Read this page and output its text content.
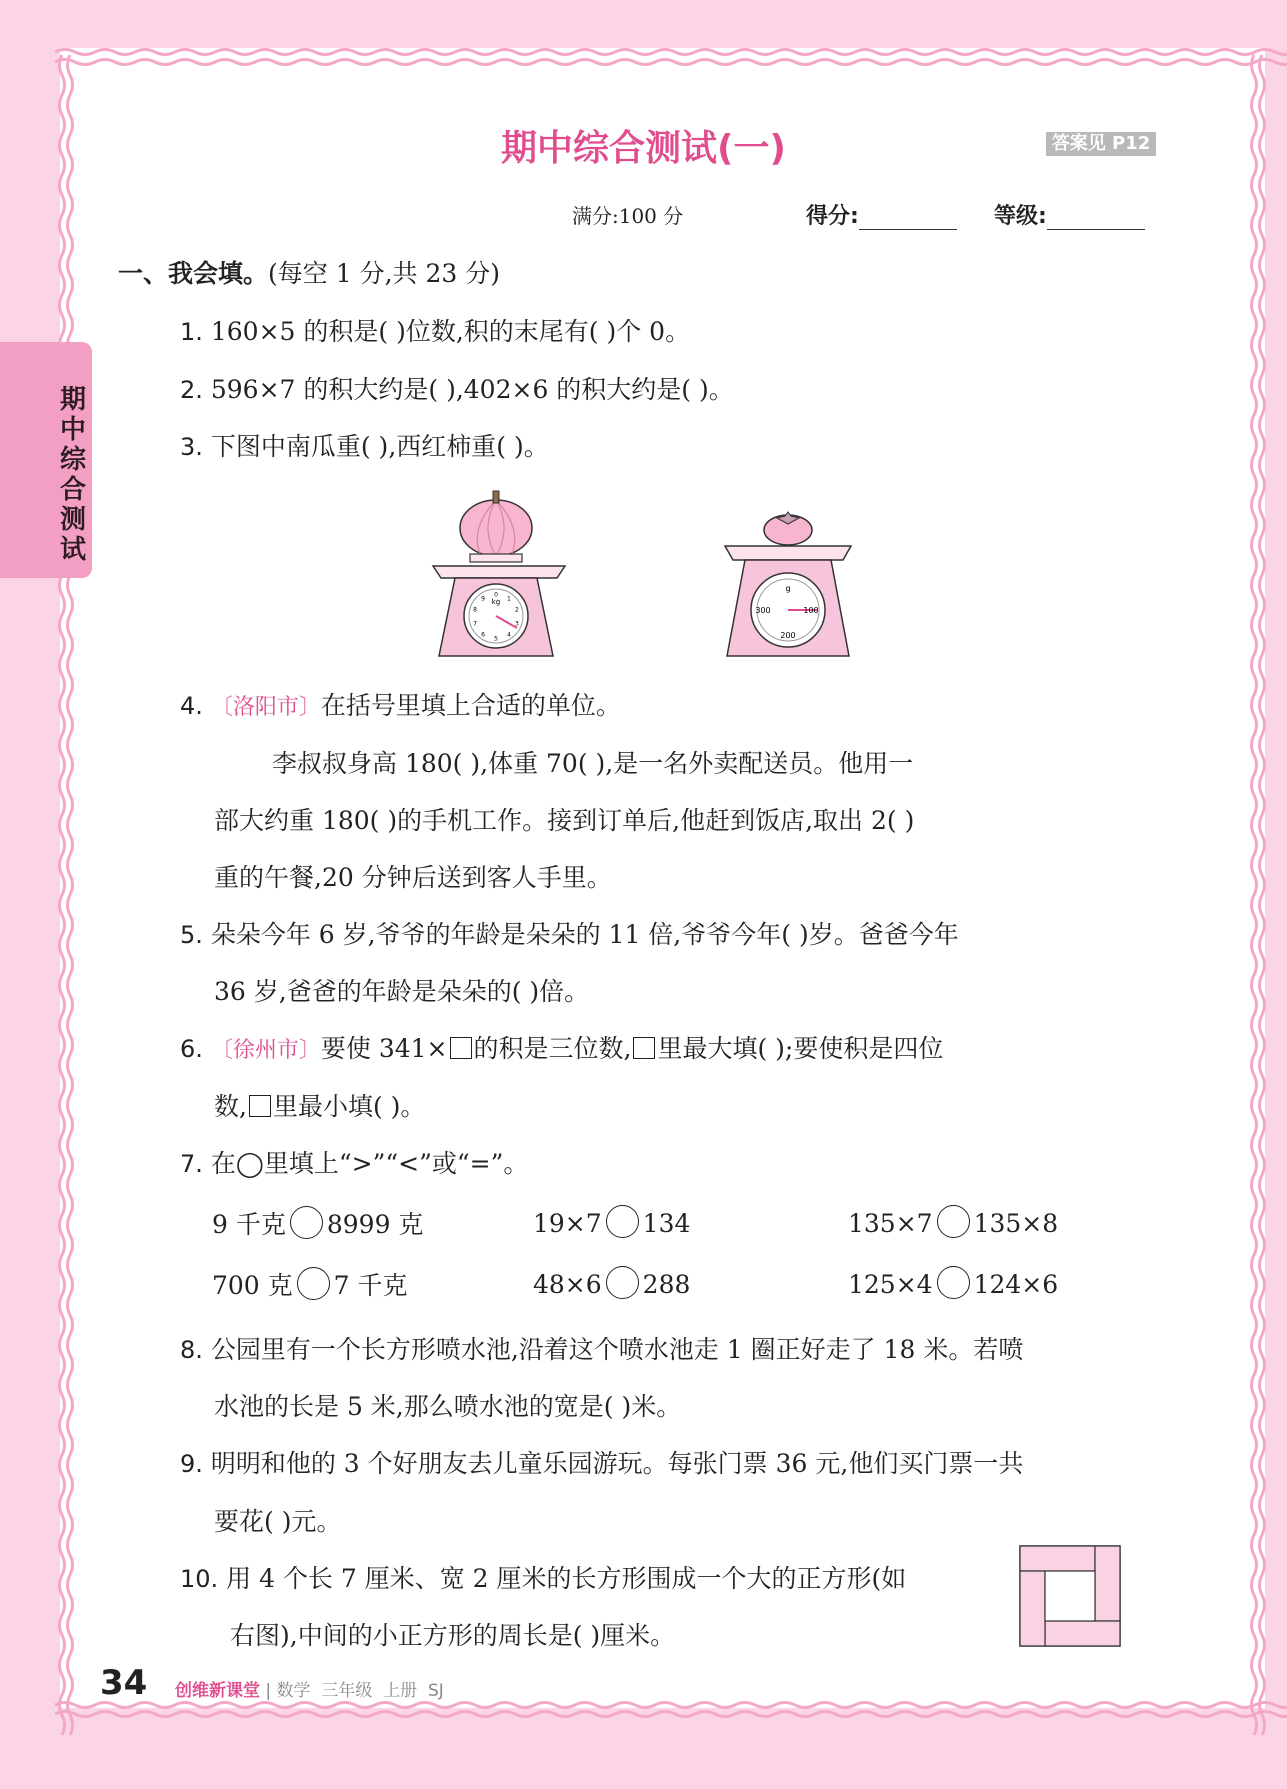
期
中
综
合
测
试
期中综合测试(一)	答案见 P12
满分:100 分	得分:	等级:
一、我会填。(每空 1 分,共 23 分)
1. 160×5 的积是( )位数,积的末尾有( )个 0。
2. 596×7 的积大约是( ),402×6 的积大约是( )。
3. 下图中南瓜重( ),西红柿重( )。
0
1
2
3
4
5
6
7
8
9 kg
g
300	100
200
4. 〔洛阳市〕在括号里填上合适的单位。
李叔叔身高 180( ),体重 70( ),是一名外卖配送员。他用一
部大约重 180( )的手机工作。接到订单后,他赶到饭店,取出 2( )
重的午餐,20 分钟后送到客人手里。
5. 朵朵今年 6 岁,爷爷的年龄是朵朵的 11 倍,爷爷今年( )岁。爸爸今年
36 岁,爸爸的年龄是朵朵的( )倍。
6. 〔徐州市〕要使 341× 的积是三位数, 里最大填( );要使积是四位
数, 里最小填( )。
7. 在◯里填上“>”“<”或“=”。
9 千克 8999 克	19×7 134	135×7 135×8
700 克 7 千克	48×6 288	125×4 124×6
8. 公园里有一个长方形喷水池,沿着这个喷水池走 1 圈正好走了 18 米。若喷
水池的长是 5 米,那么喷水池的宽是( )米。
9. 明明和他的 3 个好朋友去儿童乐园游玩。每张门票 36 元,他们买门票一共
要花( )元。
10. 用 4 个长 7 厘米、宽 2 厘米的长方形围成一个大的正方形(如
右图),中间的小正方形的周长是( )厘米。
34 创维新课堂 | 数学 三年级 上册 SJ
